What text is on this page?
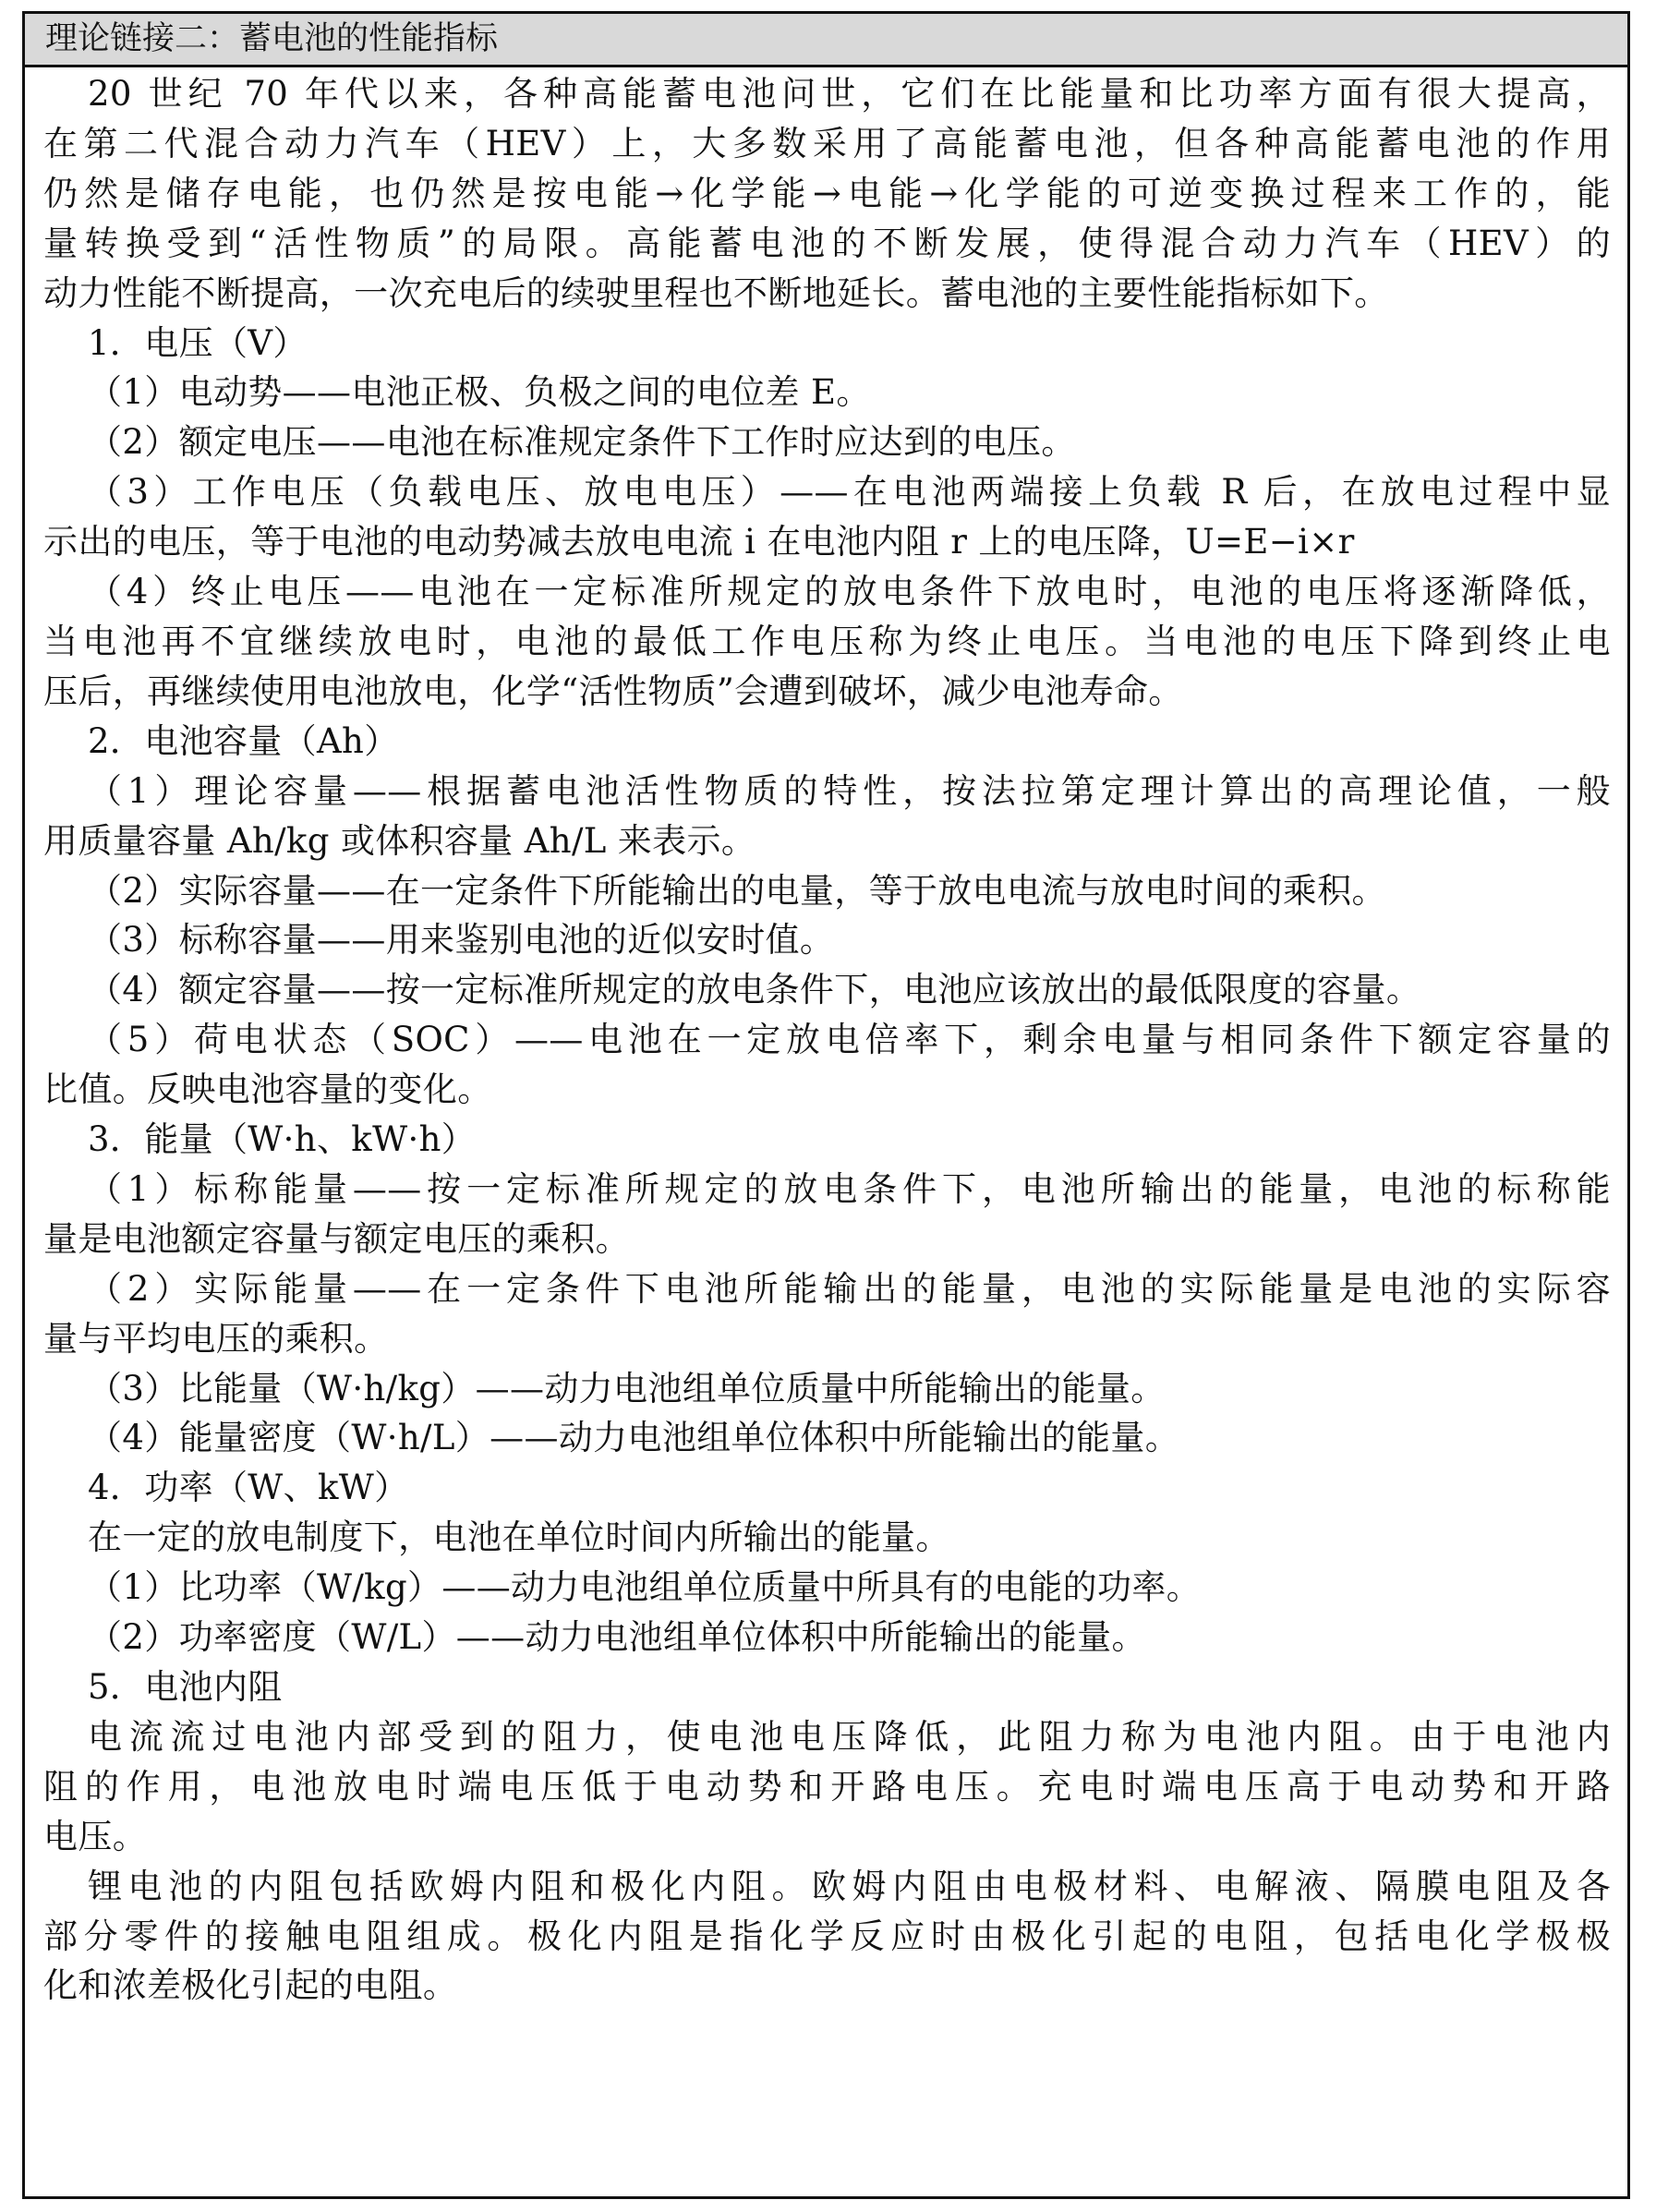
理论链接二：蓄电池的性能指标

20 世纪 70 年代以来，各种高能蓄电池问世，它们在比能量和比功率方面有很大提高，

在第二代混合动力汽车（HEV）上，大多数采用了高能蓄电池，但各种高能蓄电池的作用

仍然是储存电能，也仍然是按电能→化学能→电能→化学能的可逆变换过程来工作的，能

量转换受到“活性物质”的局限。高能蓄电池的不断发展，使得混合动力汽车（HEV）的

动力性能不断提高，一次充电后的续驶里程也不断地延长。蓄电池的主要性能指标如下。

1．电压（V）

（1）电动势——电池正极、负极之间的电位差 E。

（2）额定电压——电池在标准规定条件下工作时应达到的电压。

（3）工作电压（负载电压、放电电压）——在电池两端接上负载 R 后，在放电过程中显

示出的电压，等于电池的电动势减去放电电流 i 在电池内阻 r 上的电压降，U=E−i×r

（4）终止电压——电池在一定标准所规定的放电条件下放电时，电池的电压将逐渐降低，

当电池再不宜继续放电时，电池的最低工作电压称为终止电压。当电池的电压下降到终止电

压后，再继续使用电池放电，化学“活性物质”会遭到破坏，减少电池寿命。

2．电池容量（Ah）

（1）理论容量——根据蓄电池活性物质的特性，按法拉第定理计算出的高理论值，一般

用质量容量 Ah/kg 或体积容量 Ah/L 来表示。

（2）实际容量——在一定条件下所能输出的电量，等于放电电流与放电时间的乘积。

（3）标称容量——用来鉴别电池的近似安时值。

（4）额定容量——按一定标准所规定的放电条件下，电池应该放出的最低限度的容量。

（5）荷电状态（SOC）——电池在一定放电倍率下，剩余电量与相同条件下额定容量的

比值。反映电池容量的变化。

3．能量（W·h、kW·h）

（1）标称能量——按一定标准所规定的放电条件下，电池所输出的能量，电池的标称能

量是电池额定容量与额定电压的乘积。

（2）实际能量——在一定条件下电池所能输出的能量，电池的实际能量是电池的实际容

量与平均电压的乘积。

（3）比能量（W·h/kg）——动力电池组单位质量中所能输出的能量。

（4）能量密度（W·h/L）——动力电池组单位体积中所能输出的能量。

4．功率（W、kW）

在一定的放电制度下，电池在单位时间内所输出的能量。

（1）比功率（W/kg）——动力电池组单位质量中所具有的电能的功率。

（2）功率密度（W/L）——动力电池组单位体积中所能输出的能量。

5．电池内阻

电流流过电池内部受到的阻力，使电池电压降低，此阻力称为电池内阻。由于电池内

阻的作用，电池放电时端电压低于电动势和开路电压。充电时端电压高于电动势和开路

电压。

锂电池的内阻包括欧姆内阻和极化内阻。欧姆内阻由电极材料、电解液、隔膜电阻及各

部分零件的接触电阻组成。极化内阻是指化学反应时由极化引起的电阻，包括电化学极极

化和浓差极化引起的电阻。
